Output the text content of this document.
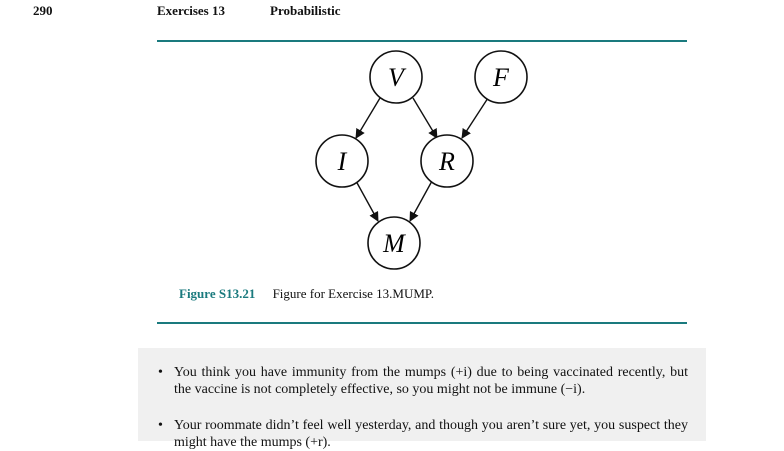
290	Exercises 13	Probabilistic
V	F
I	R
M
Figure S13.21 Figure for Exercise 13.MUMP.
• You think you have immunity from the mumps (+i) due to being vaccinated recently, but the vaccine is not completely effective, so you might not be immune (−i).
• Your roommate didn’t feel well yesterday, and though you aren’t sure yet, you suspect they might have the mumps (+r).
